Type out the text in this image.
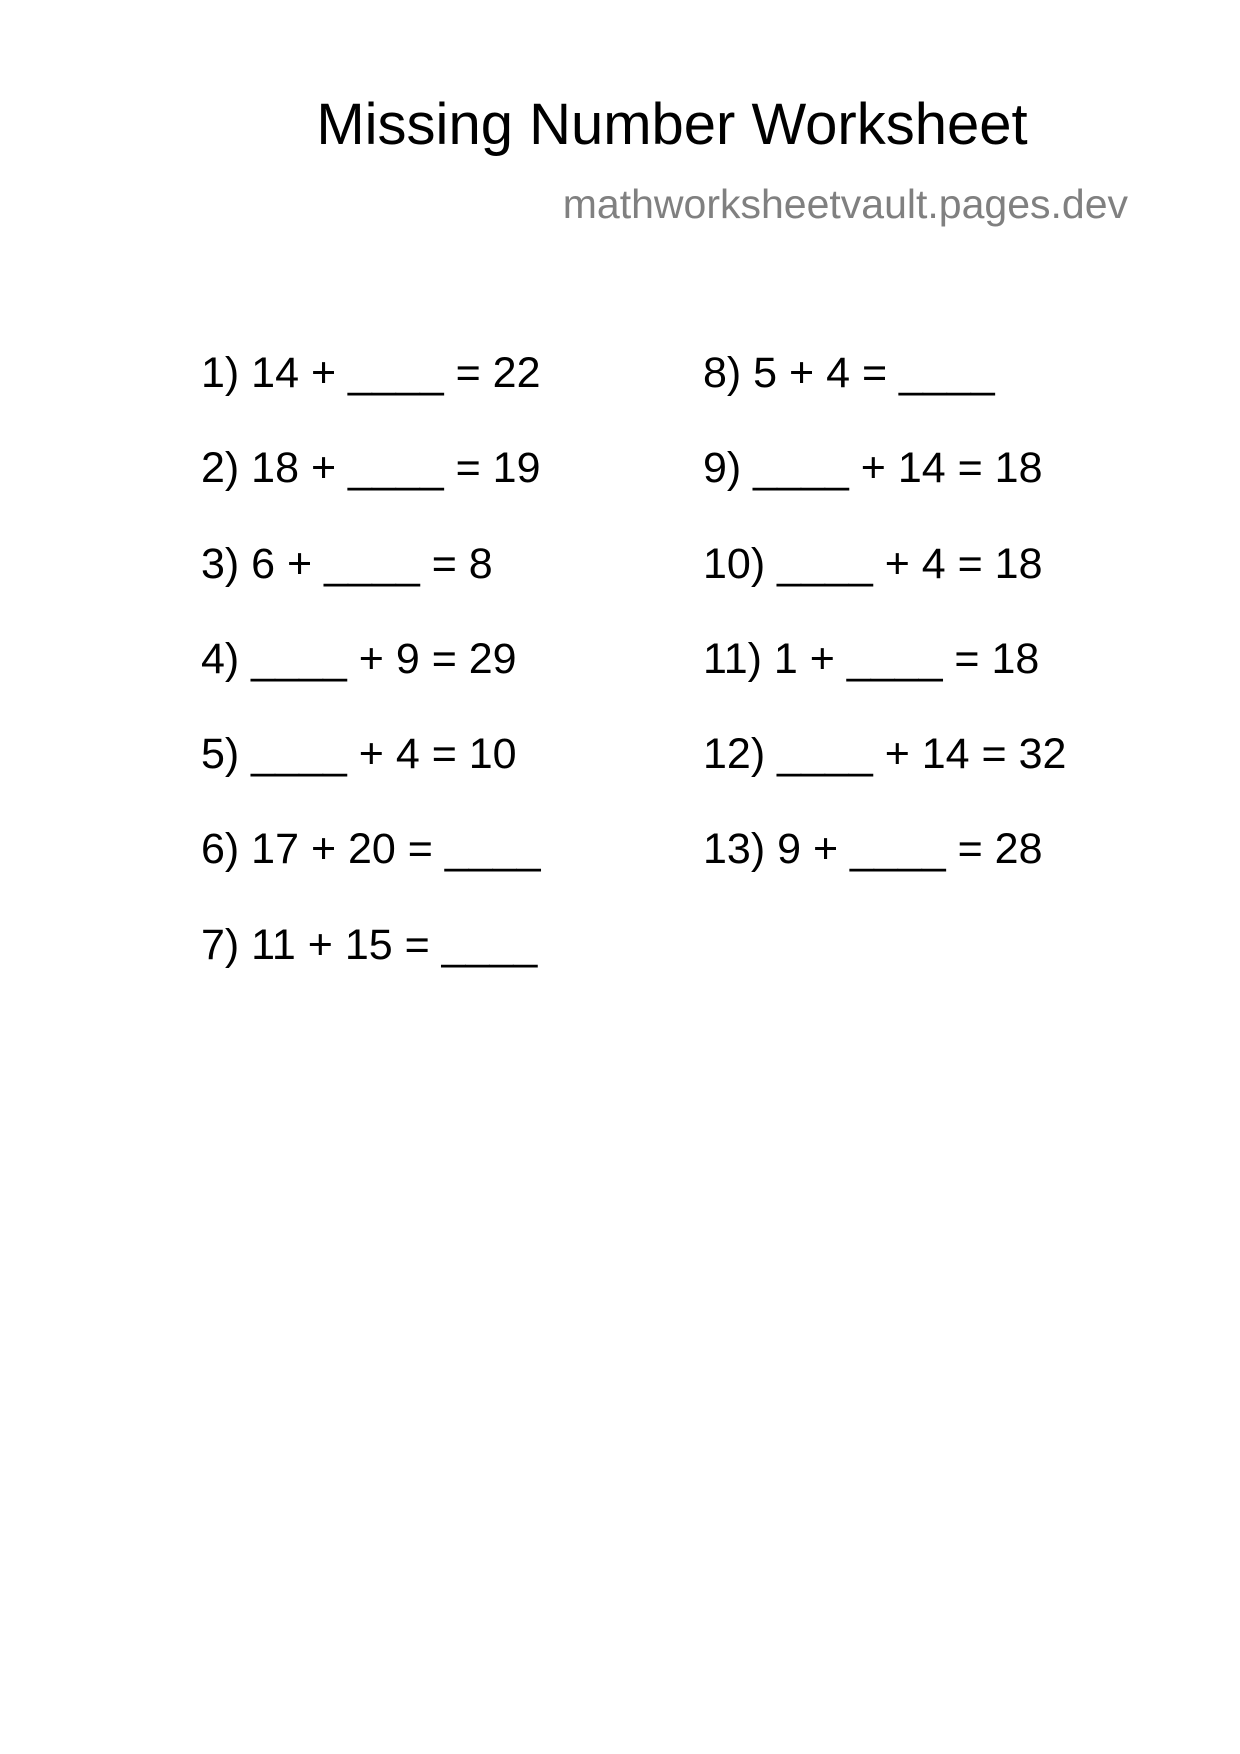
Missing Number Worksheet
mathworksheetvault.pages.dev
1) 14 + ____ = 22
2) 18 + ____ = 19
3) 6 + ____ = 8
4) ____ + 9 = 29
5) ____ + 4 = 10
6) 17 + 20 = ____
7) 11 + 15 = ____
8) 5 + 4 = ____
9) ____ + 14 = 18
10) ____ + 4 = 18
11) 1 + ____ = 18
12) ____ + 14 = 32
13) 9 + ____ = 28
